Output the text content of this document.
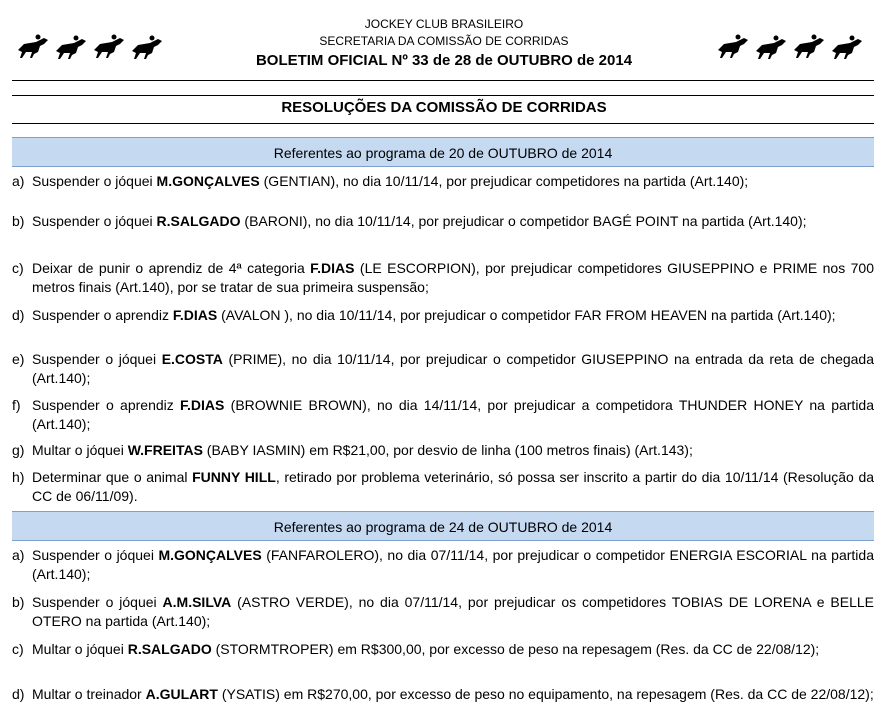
JOCKEY CLUB BRASILEIRO
SECRETARIA DA COMISSÃO DE CORRIDAS
BOLETIM OFICIAL Nº 33 de 28 de OUTUBRO de 2014
RESOLUÇÕES DA COMISSÃO DE CORRIDAS
Referentes ao programa de 20 de OUTUBRO de 2014
a) Suspender o jóquei M.GONÇALVES (GENTIAN), no dia 10/11/14, por prejudicar competidores na partida (Art.140);
b) Suspender o jóquei R.SALGADO (BARONI), no dia 10/11/14, por prejudicar o competidor BAGÉ POINT na partida (Art.140);
c) Deixar de punir o aprendiz de 4ª categoria F.DIAS (LE ESCORPION), por prejudicar competidores GIUSEPPINO e PRIME nos 700 metros finais (Art.140), por se tratar de sua primeira suspensão;
d) Suspender o aprendiz F.DIAS (AVALON ), no dia 10/11/14, por prejudicar o competidor FAR FROM HEAVEN na partida (Art.140);
e) Suspender o jóquei E.COSTA (PRIME), no dia 10/11/14, por prejudicar o competidor GIUSEPPINO na entrada da reta de chegada (Art.140);
f) Suspender o aprendiz F.DIAS (BROWNIE BROWN), no dia 14/11/14, por prejudicar a competidora THUNDER HONEY na partida (Art.140);
g) Multar o jóquei W.FREITAS (BABY IASMIN) em R$21,00, por desvio de linha (100 metros finais) (Art.143);
h) Determinar que o animal FUNNY HILL, retirado por problema veterinário, só possa ser inscrito a partir do dia 10/11/14 (Resolução da CC de 06/11/09).
Referentes ao programa de 24 de OUTUBRO de 2014
a) Suspender o jóquei M.GONÇALVES (FANFAROLERO), no dia 07/11/14, por prejudicar o competidor ENERGIA ESCORIAL na partida (Art.140);
b) Suspender o jóquei A.M.SILVA (ASTRO VERDE), no dia 07/11/14, por prejudicar os competidores TOBIAS DE LORENA e BELLE OTERO na partida (Art.140);
c) Multar o jóquei R.SALGADO (STORMTROPER) em R$300,00, por excesso de peso na repesagem (Res. da CC de 22/08/12);
d) Multar o treinador A.GULART (YSATIS) em R$270,00, por excesso de peso no equipamento, na repesagem (Res. da CC de 22/08/12);
